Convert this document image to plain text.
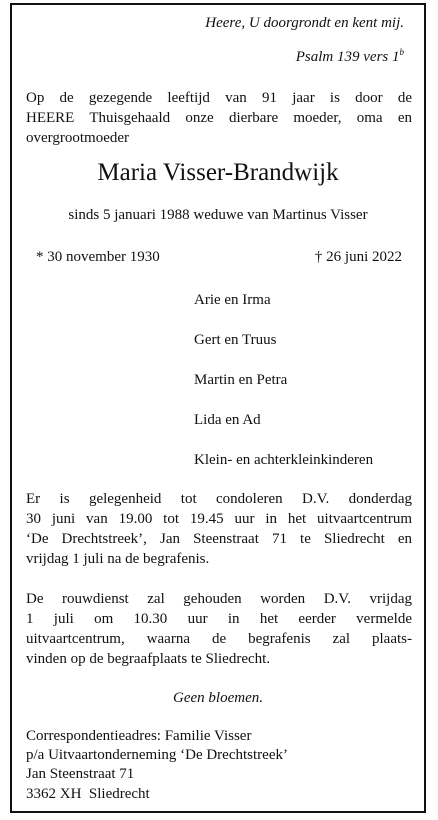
Heere, U doorgrondt en kent mij.
Psalm 139 vers 1$^b$
Op de gezegende leeftijd van 91 jaar is door de
HEERE Thuisgehaald onze dierbare moeder, oma en
overgrootmoeder
Maria Visser-Brandwijk
sinds 5 januari 1988 weduwe van Martinus Visser
* 30 november 1930	† 26 juni 2022
Arie en Irma
Gert en Truus
Martin en Petra
Lida en Ad
Klein- en achterkleinkinderen
Er is gelegenheid tot condoleren D.V. donderdag
30 juni van 19.00 tot 19.45 uur in het uitvaartcentrum
‘De Drechtstreek’, Jan Steenstraat 71 te Sliedrecht en
vrijdag 1 juli na de begrafenis.
De rouwdienst zal gehouden worden D.V. vrijdag
1 juli om 10.30 uur in het eerder vermelde
uitvaartcentrum, waarna de begrafenis zal plaats-
vinden op de begraafplaats te Sliedrecht.
Geen bloemen.
Correspondentieadres: Familie Visser
p/a Uitvaartonderneming ‘De Drechtstreek’
Jan Steenstraat 71
3362 XH  Sliedrecht
